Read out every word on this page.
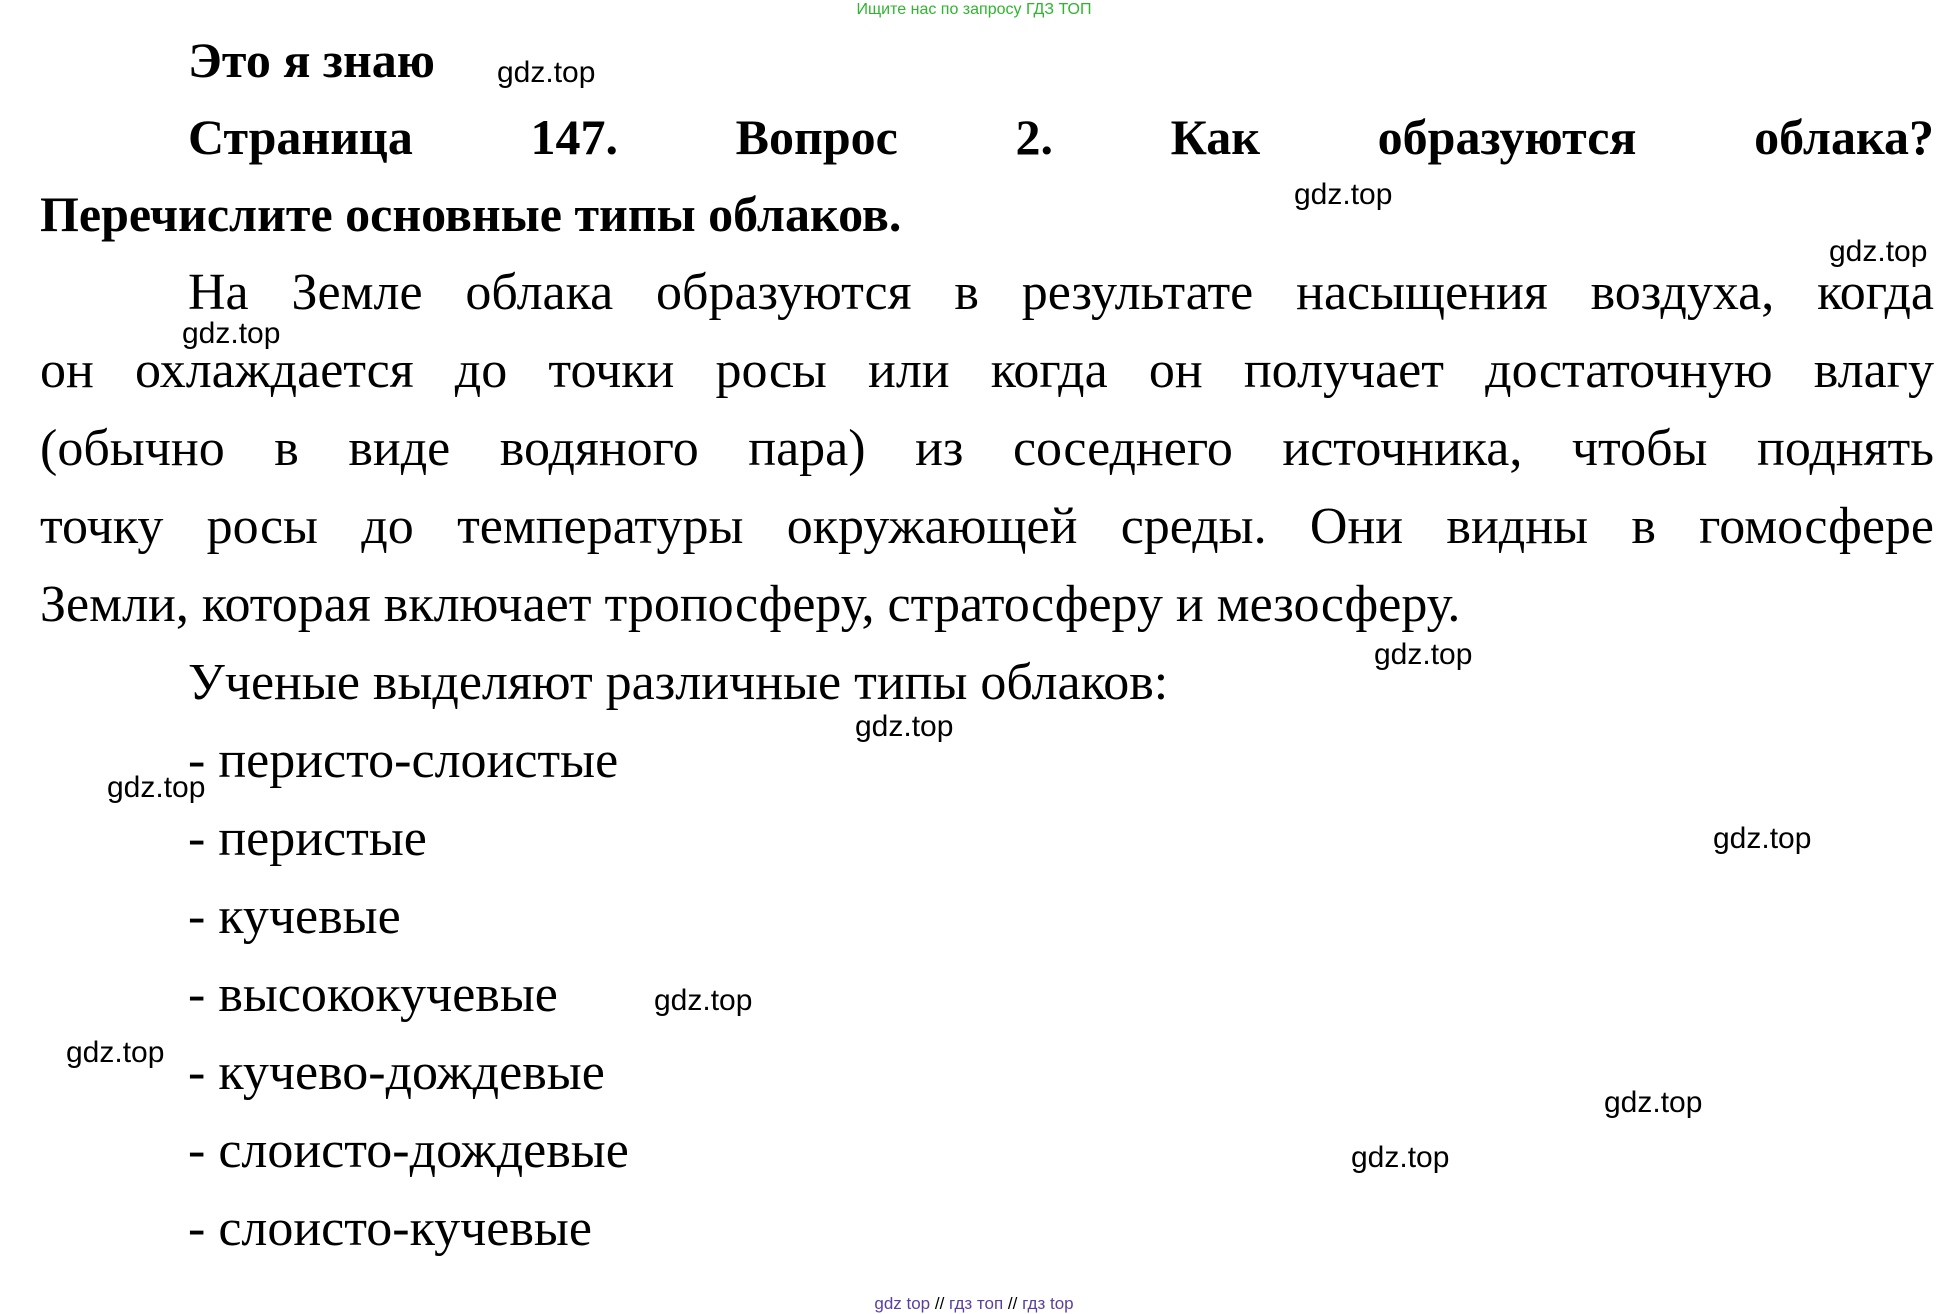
Ищите нас по запросу ГДЗ ТОП
Это я знаю
Страница 147. Вопрос 2. Как образуются облака?
Перечислите основные типы облаков.
На Земле облака образуются в результате насыщения воздуха, когда
он охлаждается до точки росы или когда он получает достаточную влагу
(обычно в виде водяного пара) из соседнего источника, чтобы поднять
точку росы до температуры окружающей среды. Они видны в гомосфере
Земли, которая включает тропосферу, стратосферу и мезосферу.
Ученые выделяют различные типы облаков:
- перисто-слоистые
- перистые
- кучевые
- высококучевые
- кучево-дождевые
- слоисто-дождевые
- слоисто-кучевые
gdz.top
gdz.top
gdz.top
gdz.top
gdz.top
gdz.top
gdz.top
gdz.top
gdz.top
gdz.top
gdz.top
gdz.top
gdz top // гдз топ // гдз top
